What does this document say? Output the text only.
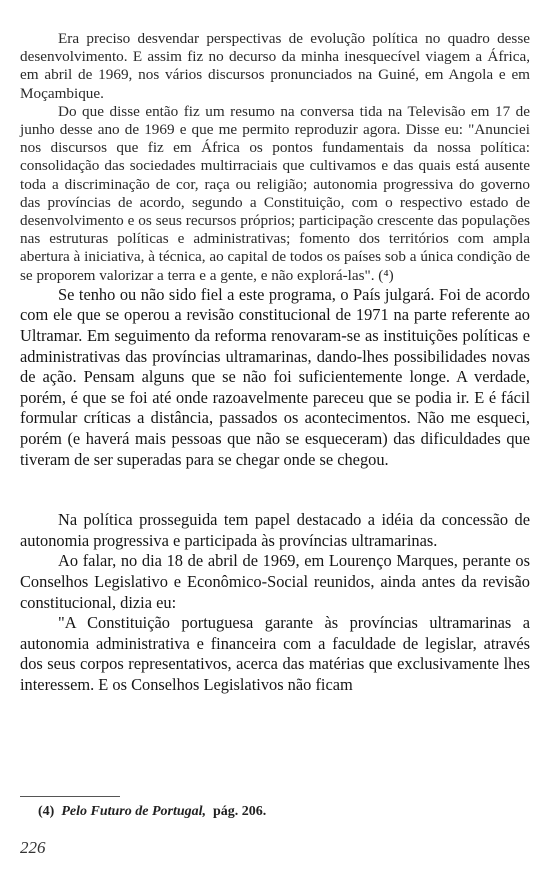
Era preciso desvendar perspectivas de evolução política no quadro desse desenvolvimento. E assim fiz no decurso da minha inesquecível viagem a África, em abril de 1969, nos vários discursos pronunciados na Guiné, em Angola e em Moçambique.

Do que disse então fiz um resumo na conversa tida na Televisão em 17 de junho desse ano de 1969 e que me permito reproduzir agora. Disse eu: "Anunciei nos discursos que fiz em África os pontos fundamentais da nossa política: consolidação das sociedades multirraciais que cultivamos e das quais está ausente toda a discriminação de cor, raça ou religião; autonomia progressiva do governo das províncias de acordo, segundo a Constituição, com o respectivo estado de desenvolvimento e os seus recursos próprios; participação crescente das populações nas estruturas políticas e administrativas; fomento dos territórios com ampla abertura à iniciativa, à técnica, ao capital de todos os países sob a única condição de se proporem valorizar a terra e a gente, e não explorá-las". (⁴)

Se tenho ou não sido fiel a este programa, o País julgará. Foi de acordo com ele que se operou a revisão constitucional de 1971 na parte referente ao Ultramar. Em seguimento da reforma renovaram-se as instituições políticas e administrativas das províncias ultramarinas, dando-lhes possibilidades novas de ação. Pensam alguns que se não foi suficientemente longe. A verdade, porém, é que se foi até onde razoavelmente pareceu que se podia ir. E é fácil formular críticas a distância, passados os acontecimentos. Não me esqueci, porém (e haverá mais pessoas que não se esqueceram) das dificuldades que tiveram de ser superadas para se chegar onde se chegou.

Na política prosseguida tem papel destacado a idéia da concessão de autonomia progressiva e participada às províncias ultramarinas.

Ao falar, no dia 18 de abril de 1969, em Lourenço Marques, perante os Conselhos Legislativo e Econômico-Social reunidos, ainda antes da revisão constitucional, dizia eu:

"A Constituição portuguesa garante às províncias ultramarinas a autonomia administrativa e financeira com a faculdade de legislar, através dos seus corpos representativos, acerca das matérias que exclusivamente lhes interessem. E os Conselhos Legislativos não ficam

(4) Pelo Futuro de Portugal, pág. 206.
226
